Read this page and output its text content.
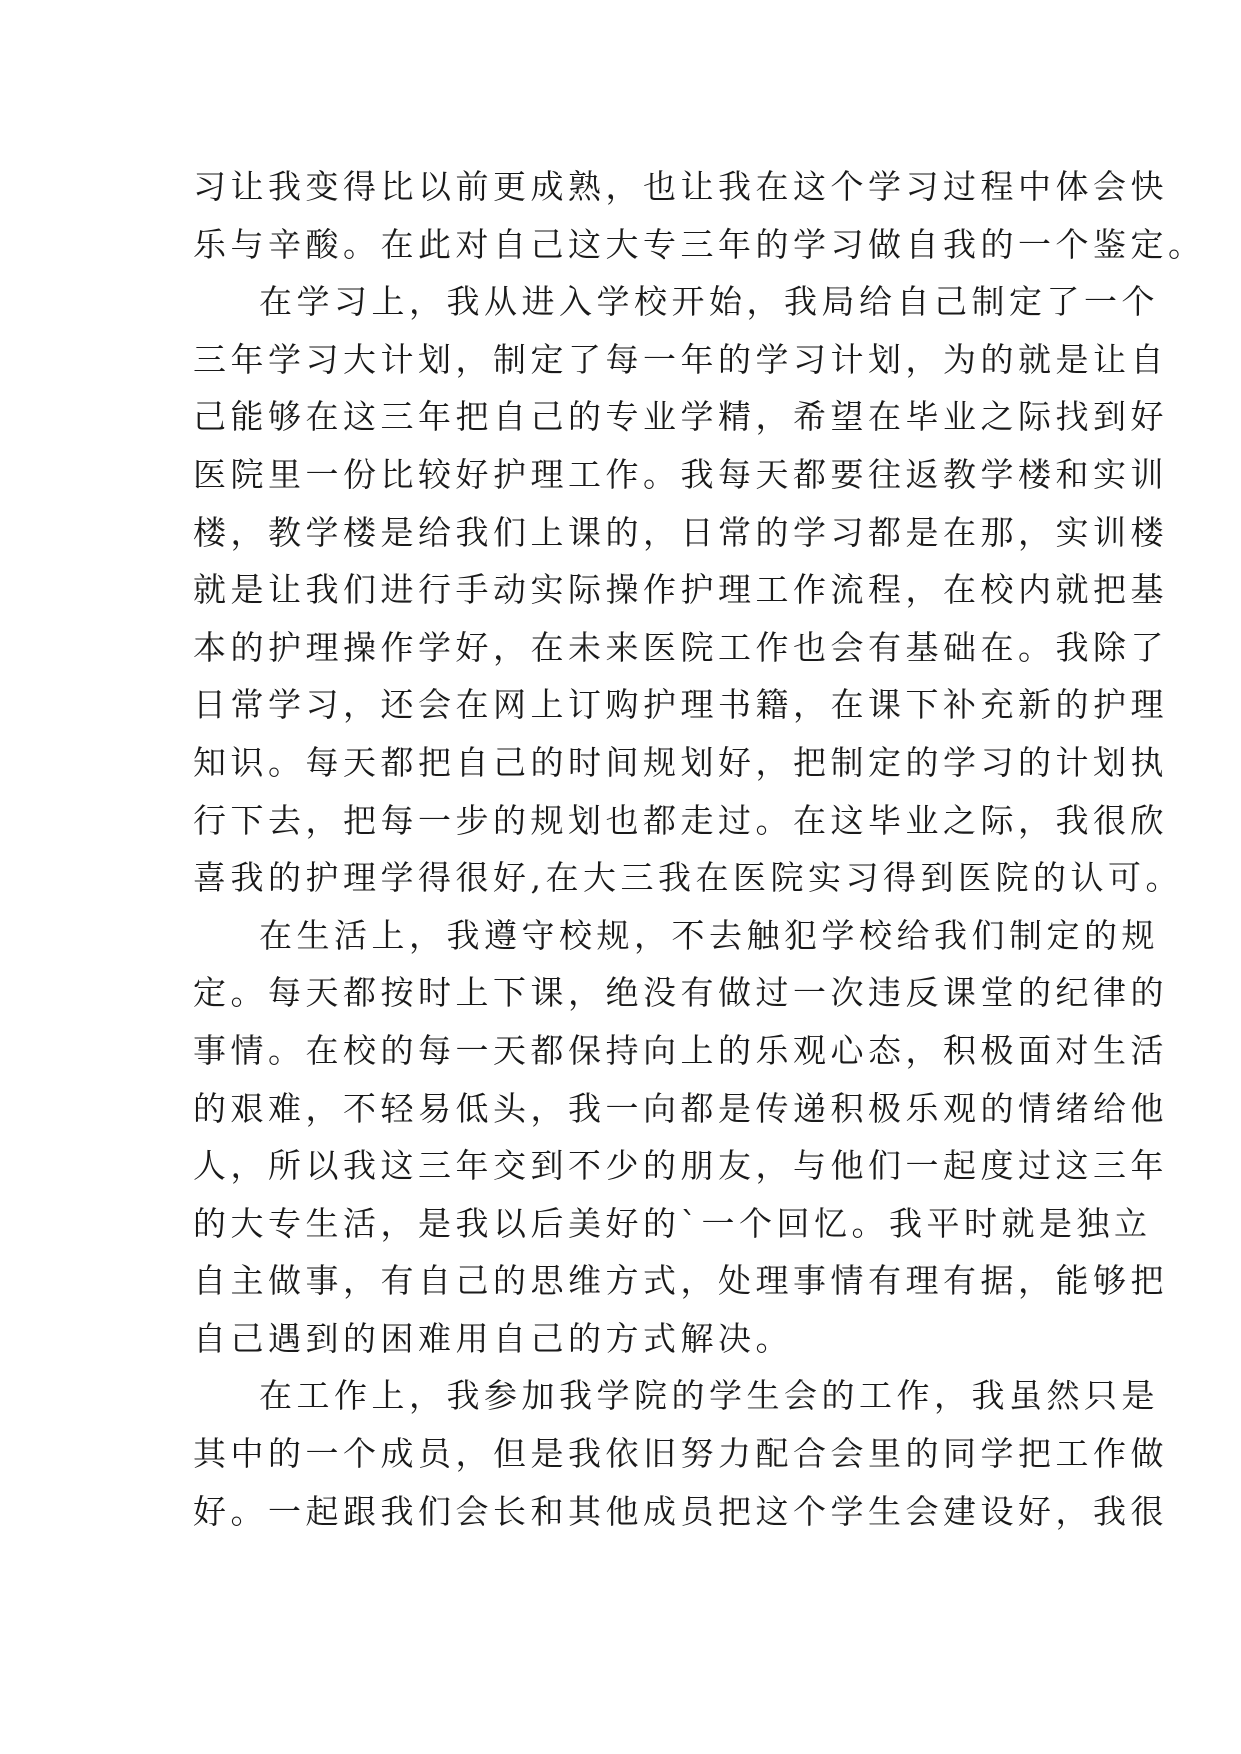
习让我变得比以前更成熟，也让我在这个学习过程中体会快
乐与辛酸。在此对自己这大专三年的学习做自我的一个鉴定。
在学习上，我从进入学校开始，我局给自己制定了一个
三年学习大计划，制定了每一年的学习计划，为的就是让自
己能够在这三年把自己的专业学精，希望在毕业之际找到好
医院里一份比较好护理工作。我每天都要往返教学楼和实训
楼，教学楼是给我们上课的，日常的学习都是在那，实训楼
就是让我们进行手动实际操作护理工作流程，在校内就把基
本的护理操作学好，在未来医院工作也会有基础在。我除了
日常学习，还会在网上订购护理书籍，在课下补充新的护理
知识。每天都把自己的时间规划好，把制定的学习的计划执
行下去，把每一步的规划也都走过。在这毕业之际，我很欣
喜我的护理学得很好,在大三我在医院实习得到医院的认可。
在生活上，我遵守校规，不去触犯学校给我们制定的规
定。每天都按时上下课，绝没有做过一次违反课堂的纪律的
事情。在校的每一天都保持向上的乐观心态，积极面对生活
的艰难，不轻易低头，我一向都是传递积极乐观的情绪给他
人，所以我这三年交到不少的朋友，与他们一起度过这三年
的大专生活，是我以后美好的`一个回忆。我平时就是独立
自主做事，有自己的思维方式，处理事情有理有据，能够把
自己遇到的困难用自己的方式解决。
在工作上，我参加我学院的学生会的工作，我虽然只是
其中的一个成员，但是我依旧努力配合会里的同学把工作做
好。一起跟我们会长和其他成员把这个学生会建设好，我很
